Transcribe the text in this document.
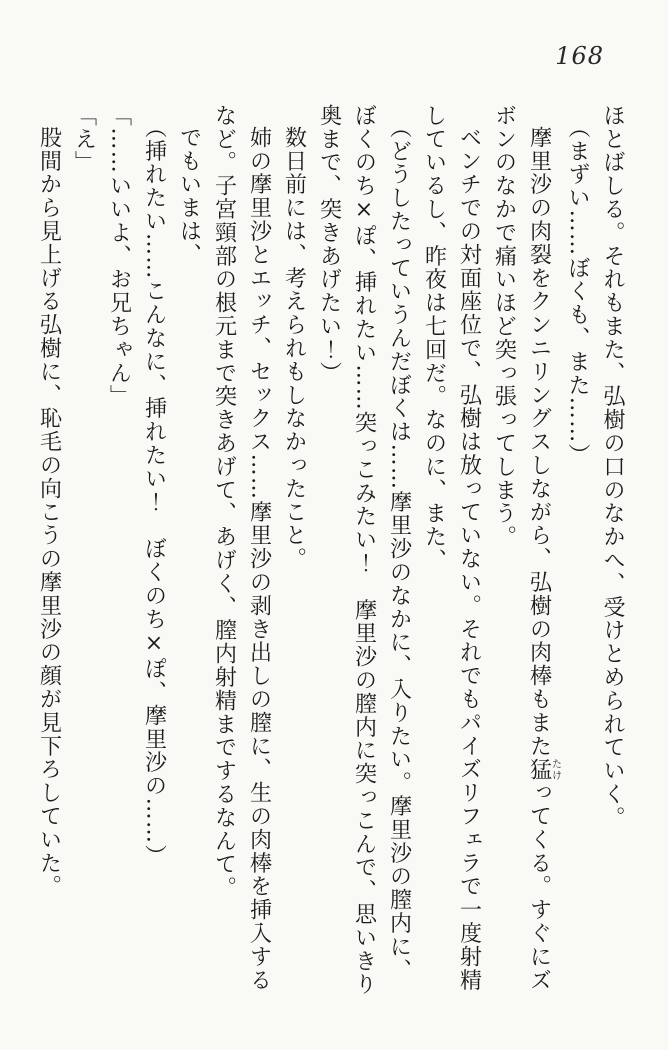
168

ほとばしる。それもまた、弘樹の口のなかへ、受けとめられていく。

（まずい……ぼくも、また……）

摩里沙の肉裂をクンニリングスしながら、弘樹の肉棒もまた猛たけってくる。すぐにズボンのなかで痛いほど突っ張ってしまう。

ベンチでの対面座位で、弘樹は放っていない。それでもパイズリフェラで一度射精しているし、昨夜は七回だ。なのに、また、

（どうしたっていうんだぼくは……摩里沙のなかに、入りたい。摩里沙の膣内に、ぼくのち×ぽ、挿れたい……突っこみたい！　摩里沙の膣内に突っこんで、思いきり奥まで、突きあげたい！）

数日前には、考えられもしなかったこと。

姉の摩里沙とエッチ、セックス……摩里沙の剥き出しの膣に、生の肉棒を挿入するなど。子宮頸部の根元まで突きあげて、あげく、膣内射精までするなんて。

でもいまは、

（挿れたい……こんなに、挿れたい！　ぼくのち×ぽ、摩里沙の……）

「……いいよ、お兄ちゃん」

「え」

股間から見上げる弘樹に、恥毛の向こうの摩里沙の顔が見下ろしていた。
